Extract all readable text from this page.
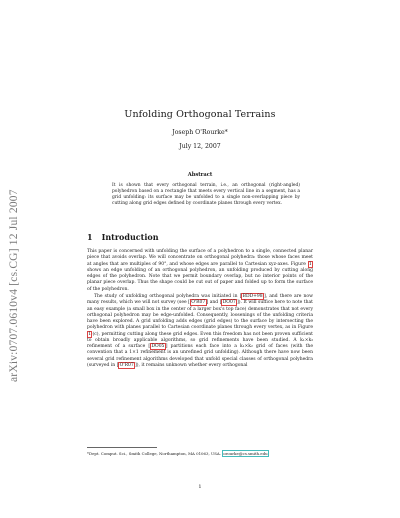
arXiv:0707.0610v4 [cs.CG] 12 Jul 2007
Unfolding Orthogonal Terrains
Joseph O'Rourke*
July 12, 2007
Abstract
It is shown that every orthogonal terrain, i.e., an orthogonal (right-angled) polyhedron based on a rectangle that meets every vertical line in a segment, has a grid unfolding: its surface may be unfolded to a single non-overlapping piece by cutting along grid edges defined by coordinate planes through every vertex.
1 Introduction

This paper is concerned with unfolding the surface of a polyhedron to a single, connected planar piece that avoids overlap. We will concentrate on orthogonal polyhedra: those whose faces meet at angles that are multiples of 90°, and whose edges are parallel to Cartesian xyz-axes. Figure 1 shows an edge unfolding of an orthogonal polyhedron, an unfolding produced by cutting along edges of the polyhedron. Note that we permit boundary overlap, but no interior points of the planar piece overlap. Thus the shape could be cut out of paper and folded up to form the surface of the polyhedron.

The study of unfolding orthogonal polyhedra was initiated in [BDD+98], and there are now many results, which we will not survey (see [O'R07] and [DO07]). It will suffice here to note that an easy example (a small box in the center of a larger box's top face) demonstrates that not every orthogonal polyhedron may be edge-unfolded. Consequently, loosenings of the unfolding criteria have been explored. A grid unfolding adds edges (grid edges) to the surface by intersecting the polyhedron with planes parallel to Cartesian coordinate planes through every vertex, as in Figure 1(c), permitting cutting along these grid edges. Even this freedom has not been proven sufficient to obtain broadly applicable algorithms, so grid refinements have been studied. A k₁×k₂ refinement of a surface [DO05] partitions each face into a k₁×k₂ grid of faces (with the convention that a 1×1 refinement is an unrefined grid unfolding). Although there have now been several grid refinement algorithms developed that unfold special classes of orthogonal polyhedra (surveyed in [O'R07]), it remains unknown whether every orthogonal

*Dept. Comput. Sci., Smith College, Northampton, MA 01063, USA. orourke@cs.smith.edu
1
